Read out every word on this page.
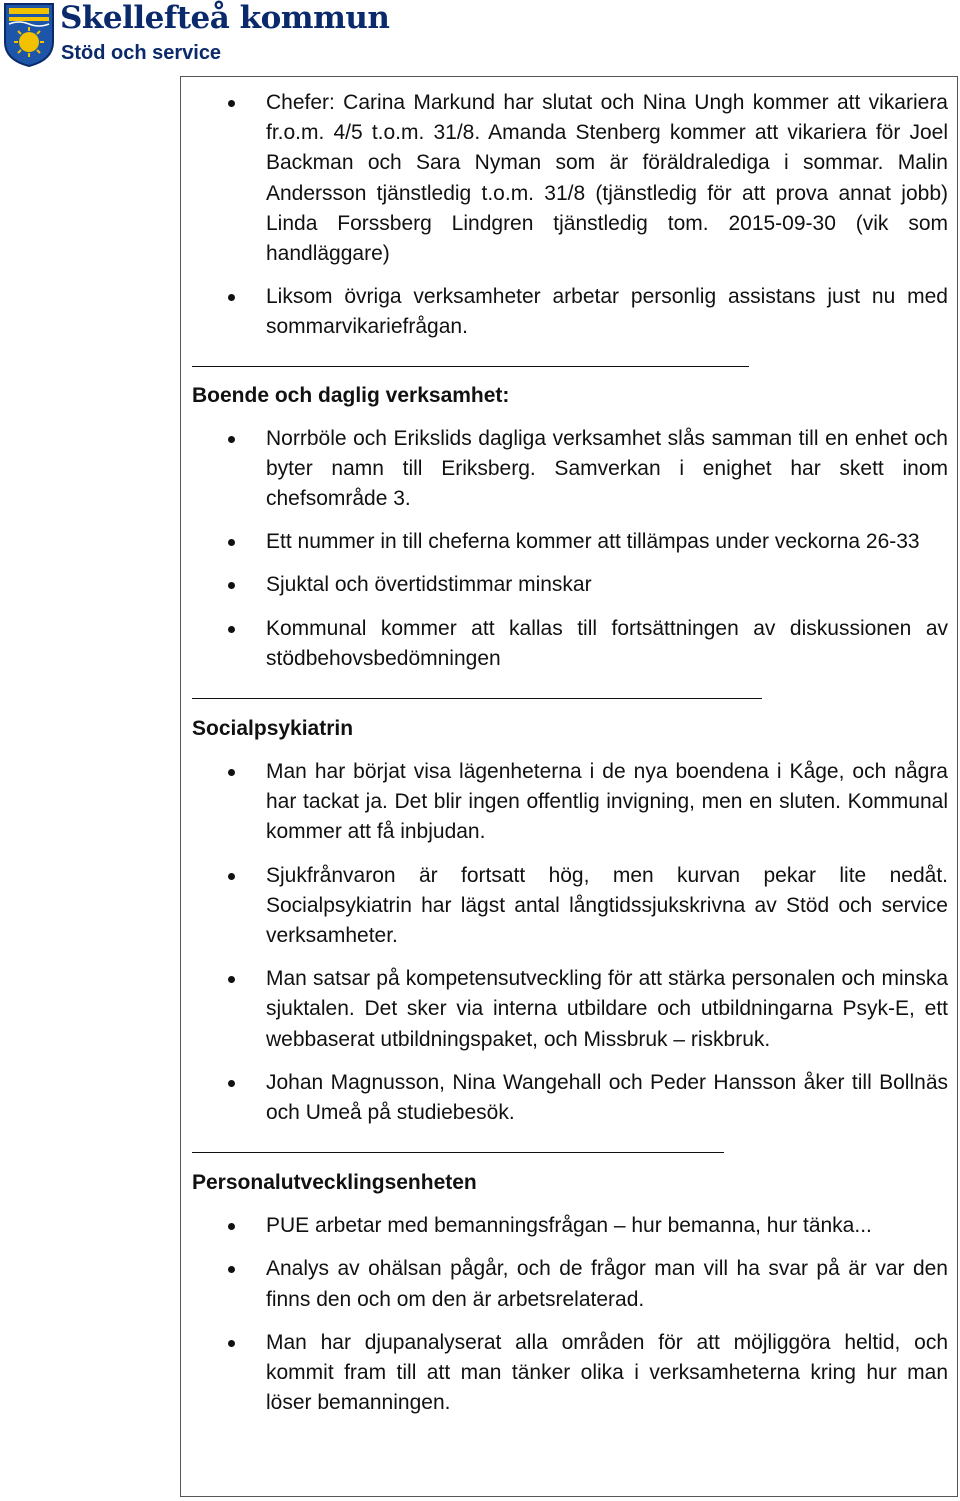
Skellefteå kommun
Stöd och service
Chefer: Carina Markund har slutat och Nina Ungh kommer att vikariera fr.o.m. 4/5 t.o.m. 31/8. Amanda Stenberg kommer att vikariera för Joel Backman och Sara Nyman som är föräldralediga i sommar. Malin Andersson tjänstledig t.o.m. 31/8 (tjänstledig för att prova annat jobb) Linda Forssberg Lindgren tjänstledig tom. 2015-09-30 (vik som handläggare)
Liksom övriga verksamheter arbetar personlig assistans just nu med sommarvikariefrågan.
Boende och daglig verksamhet:
Norrböle och Erikslids dagliga verksamhet slås samman till en enhet och byter namn till Eriksberg. Samverkan i enighet har skett inom chefsområde 3.
Ett nummer in till cheferna kommer att tillämpas under veckorna 26-33
Sjuktal och övertidstimmar minskar
Kommunal kommer att kallas till fortsättningen av diskussionen av stödbehovsbedömningen
Socialpsykiatrin
Man har börjat visa lägenheterna i de nya boendena i Kåge, och några har tackat ja. Det blir ingen offentlig invigning, men en sluten. Kommunal kommer att få inbjudan.
Sjukfrånvaron är fortsatt hög, men kurvan pekar lite nedåt. Socialpsykiatrin har lägst antal långtidssjukskrivna av Stöd och service verksamheter.
Man satsar på kompetensutveckling för att stärka personalen och minska sjuktalen. Det sker via interna utbildare och utbildningarna Psyk-E, ett webbaserat utbildningspaket, och Missbruk – riskbruk.
Johan Magnusson, Nina Wangehall och Peder Hansson åker till Bollnäs och Umeå på studiebesök.
Personalutvecklingsenheten
PUE arbetar med bemanningsfrågan – hur bemanna, hur tänka...
Analys av ohälsan pågår, och de frågor man vill ha svar på är var den finns den och om den är arbetsrelaterad.
Man har djupanalyserat alla områden för att möjliggöra heltid, och kommit fram till att man tänker olika i verksamheterna kring hur man löser bemanningen.
